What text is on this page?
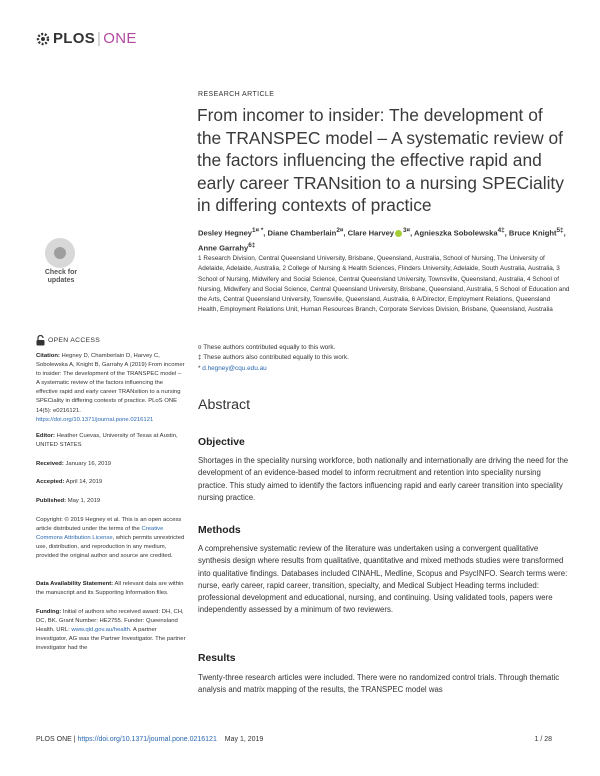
PLOS | ONE
RESEARCH ARTICLE
From incomer to insider: The development of the TRANSPEC model – A systematic review of the factors influencing the effective rapid and early career TRANsition to a nursing SPECiality in differing contexts of practice
Desley Hegney$^{1¤ *}$, Diane Chamberlain$^{2¤}$, Clare Harvey $^{3¤}$, Agnieszka Sobolewska$^{4\ddagger}$, Bruce Knight$^{5\ddagger}$, Anne Garrahy$^{6\ddagger}$
1 Research Division, Central Queensland University, Brisbane, Queensland, Australia, School of Nursing, The University of Adelaide, Adelaide, Australia, 2 College of Nursing & Health Sciences, Flinders University, Adelaide, South Australia, Australia, 3 School of Nursing, Midwifery and Social Science, Central Queensland University, Townsville, Queensland, Australia, 4 School of Nursing, Midwifery and Social Science, Central Queensland University, Brisbane, Queensland, Australia, 5 School of Education and the Arts, Central Queensland University, Townsville, Queensland, Australia, 6 A/Director, Employment Relations, Queensland Health, Employment Relations Unit, Human Resources Branch, Corporate Services Division, Brisbane, Queensland, Australia
¤ These authors contributed equally to this work.
‡ These authors also contributed equally to this work.
* d.hegney@cqu.edu.au
Abstract
Objective
Shortages in the speciality nursing workforce, both nationally and internationally are driving the need for the development of an evidence-based model to inform recruitment and retention into speciality nursing practice. This study aimed to identify the factors influencing rapid and early career transition into speciality nursing practice.
Methods
A comprehensive systematic review of the literature was undertaken using a convergent qualitative synthesis design where results from qualitative, quantitative and mixed methods studies were transformed into qualitative findings. Databases included CINAHL, Medline, Scopus and PsycINFO. Search terms were: nurse, early career, rapid career, transition, specialty, and Medical Subject Heading terms included: professional development and educational, nursing, and continuing. Using validated tools, papers were independently assessed by a minimum of two reviewers.
Results
Twenty-three research articles were included. There were no randomized control trials. Through thematic analysis and matrix mapping of the results, the TRANSPEC model was
Check for
updates
OPEN ACCESS
Citation: Hegney D, Chamberlain D, Harvey C, Sobolewska A, Knight B, Garrahy A (2019) From incomer to insider: The development of the TRANSPEC model – A systematic review of the factors influencing the effective rapid and early career TRANsition to a nursing SPECiality in differing contexts of practice. PLoS ONE 14(5): e0216121. https://doi.org/10.1371/journal.pone.0216121
Editor: Heather Cuevas, University of Texas at Austin, UNITED STATES
Received: January 16, 2019
Accepted: April 14, 2019
Published: May 1, 2019
Copyright: © 2019 Hegney et al. This is an open access article distributed under the terms of the Creative Commons Attribution License, which permits unrestricted use, distribution, and reproduction in any medium, provided the original author and source are credited.
Data Availability Statement: All relevant data are within the manuscript and its Supporting Information files.
Funding: Initial of authors who received award: DH, CH, DC, BK. Grant Number: HE2755. Funder: Queensland Health. URL: www.qld.gov.au/health. A partner investigator, AG was the Partner Investigator. The partner investigator had the
PLOS ONE | https://doi.org/10.1371/journal.pone.0216121 May 1, 2019	1 / 28
